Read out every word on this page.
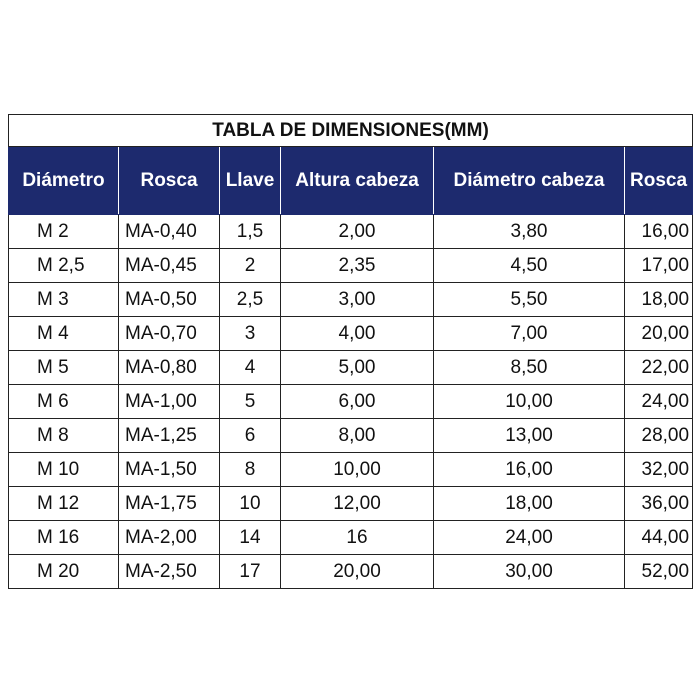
TABLA DE DIMENSIONES(MM)					
Diámetro	Rosca	Llave	Altura cabeza	Diámetro cabeza	Rosca
M 2	MA-0,40	1,5	2,00	3,80	16,00
M 2,5	MA-0,45	2	2,35	4,50	17,00
M 3	MA-0,50	2,5	3,00	5,50	18,00
M 4	MA-0,70	3	4,00	7,00	20,00
M 5	MA-0,80	4	5,00	8,50	22,00
M 6	MA-1,00	5	6,00	10,00	24,00
M 8	MA-1,25	6	8,00	13,00	28,00
M 10	MA-1,50	8	10,00	16,00	32,00
M 12	MA-1,75	10	12,00	18,00	36,00
M 16	MA-2,00	14	16	24,00	44,00
M 20	MA-2,50	17	20,00	30,00	52,00
